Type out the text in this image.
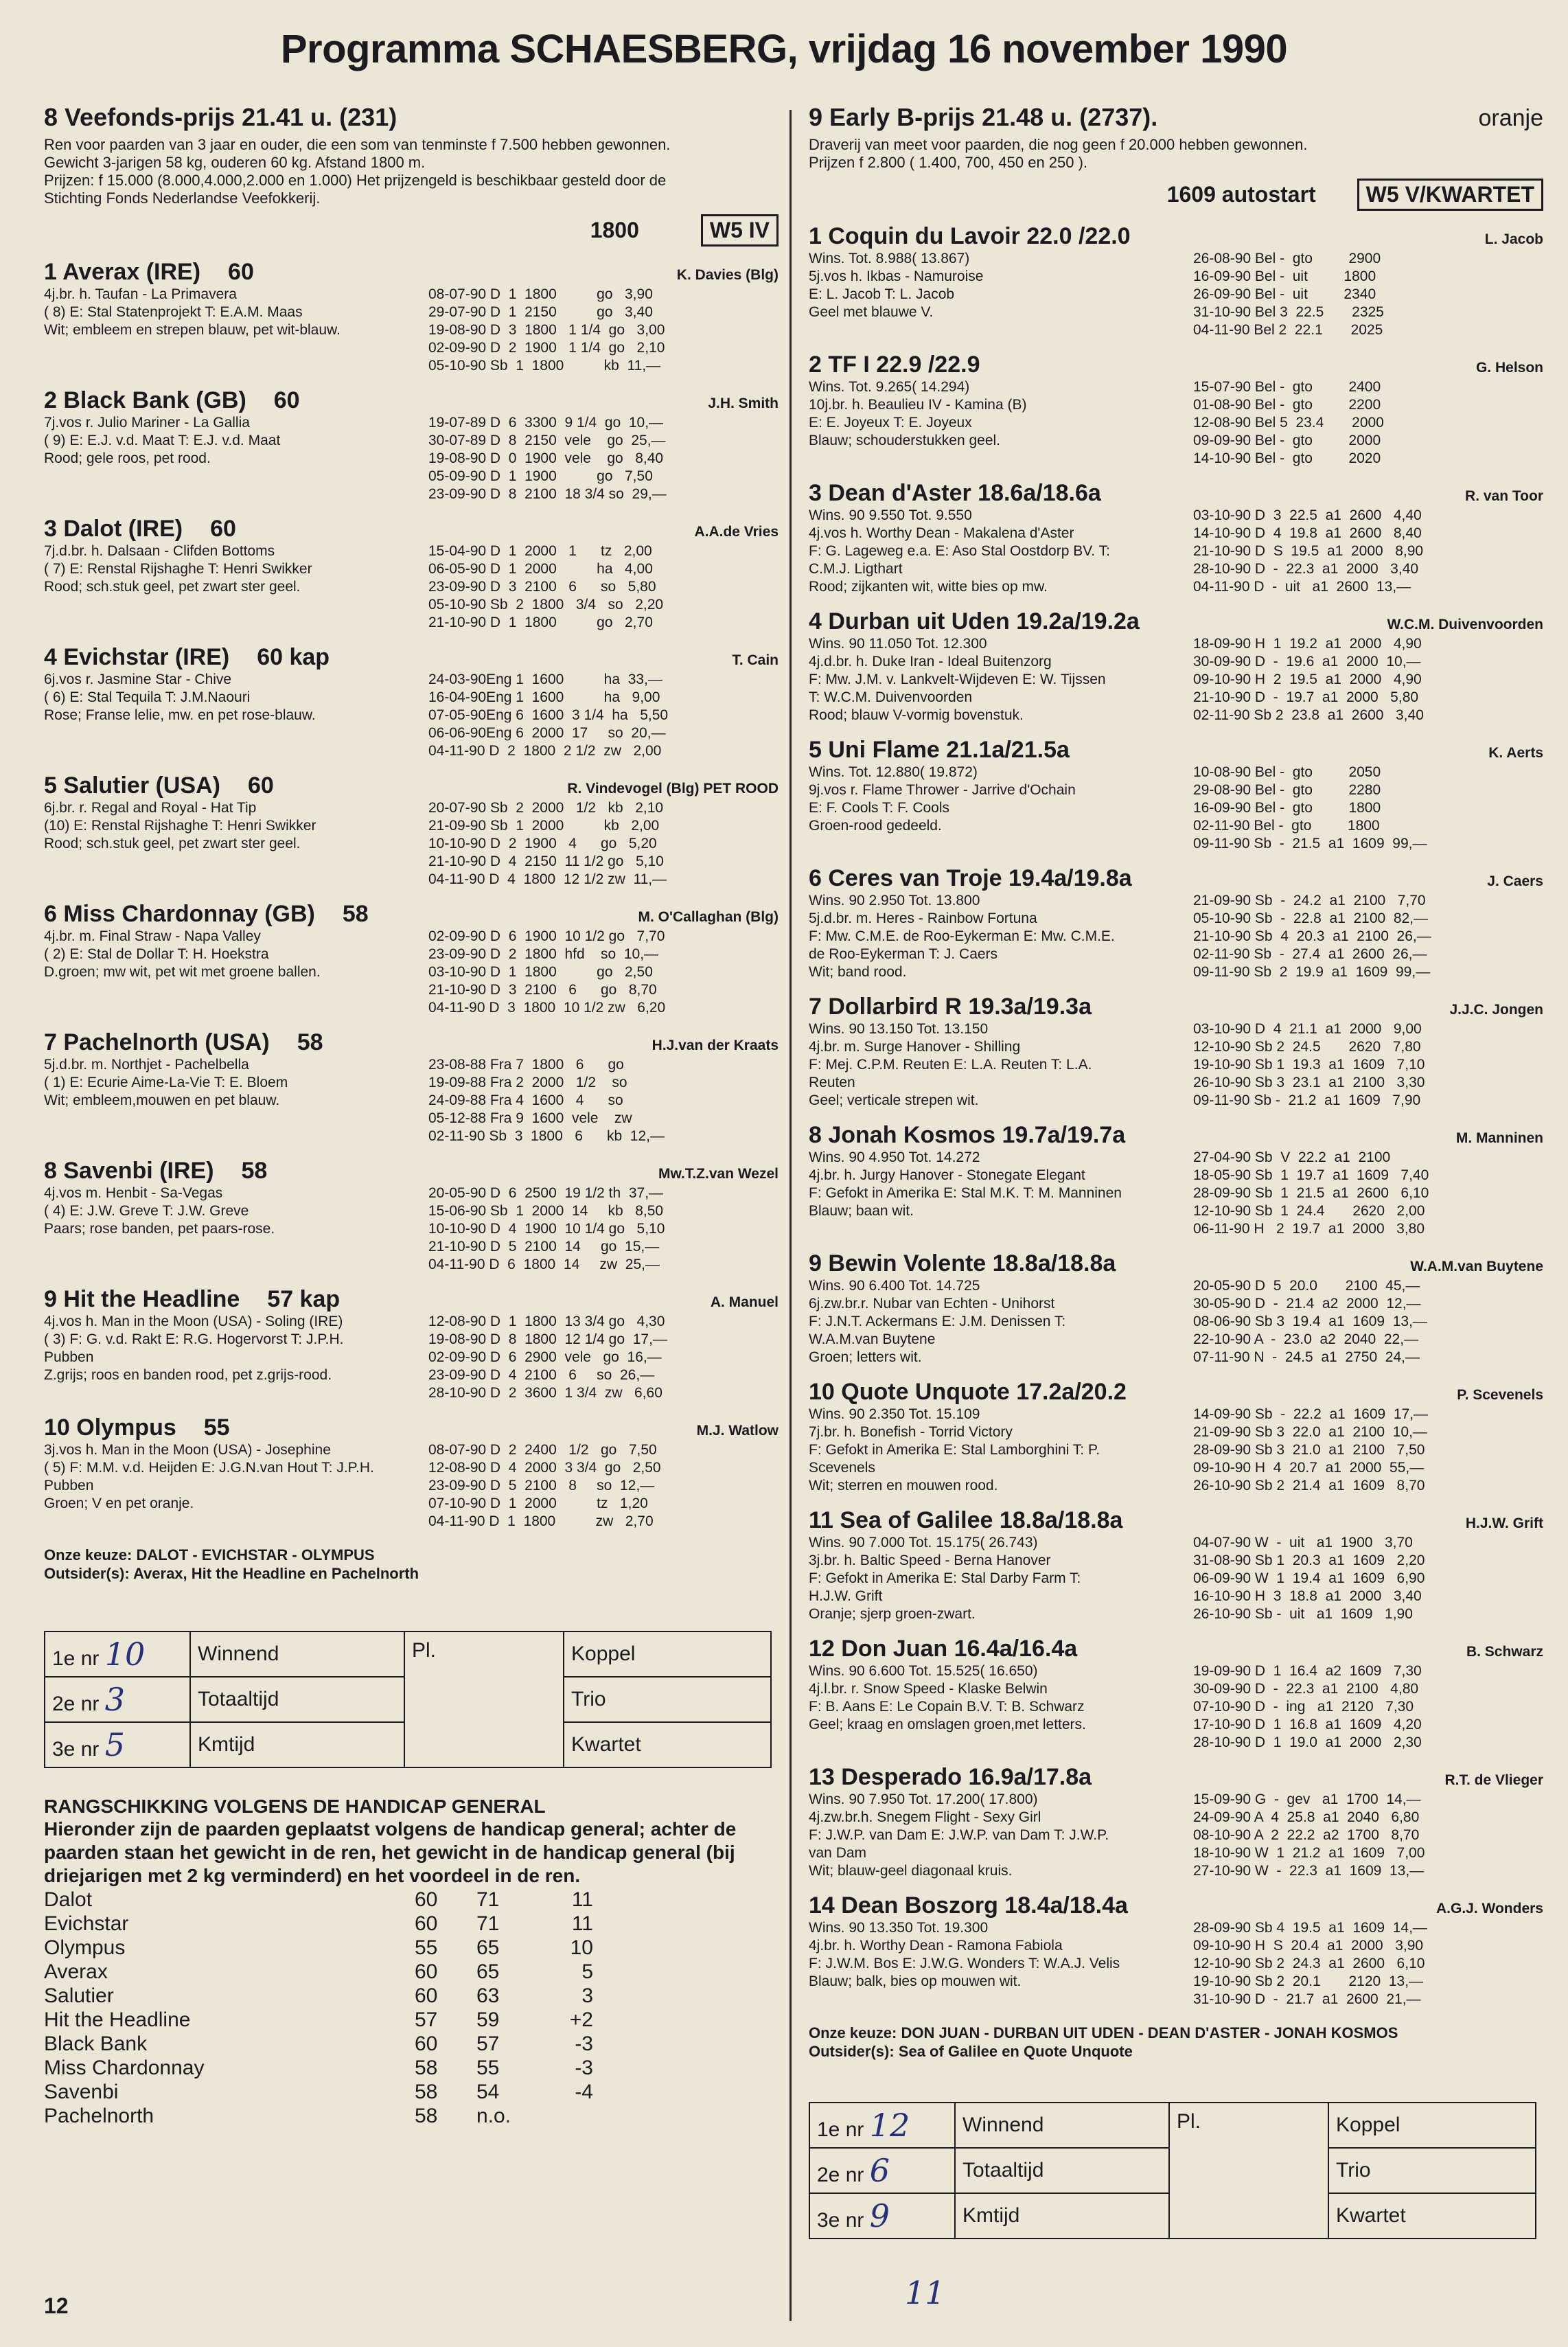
Programma SCHAESBERG, vrijdag 16 november 1990
8 Veefonds-prijs 21.41 u. (231)
Ren voor paarden van 3 jaar en ouder, die een som van tenminste f 7.500 hebben gewonnen.
Gewicht 3-jarigen 58 kg, ouderen 60 kg. Afstand 1800 m.
Prijzen: f 15.000 (8.000,4.000,2.000 en 1.000) Het prijzengeld is beschikbaar gesteld door de
Stichting Fonds Nederlandse Veefokkerij.
1800	W5 IV
1 Averax (IRE) 60	K. Davies (Blg)
4j.br. h. Taufan - La Primavera
( 8) E: Stal Statenprojekt T: E.A.M. Maas
Wit; embleem en strepen blauw, pet wit-blauw.
08-07-90 D  1  1800          go   3,90
29-07-90 D  1  2150          go   3,40
19-08-90 D  3  1800   1 1/4  go   3,00
02-09-90 D  2  1900   1 1/4  go   2,10
05-10-90 Sb  1  1800          kb  11,—
2 Black Bank (GB) 60	J.H. Smith
7j.vos r. Julio Mariner - La Gallia
( 9) E: E.J. v.d. Maat T: E.J. v.d. Maat
Rood; gele roos, pet rood.
19-07-89 D  6  3300  9 1/4  go  10,—
30-07-89 D  8  2150  vele    go  25,—
19-08-90 D  0  1900  vele    go   8,40
05-09-90 D  1  1900          go   7,50
23-09-90 D  8  2100  18 3/4 so  29,—
3 Dalot (IRE) 60	A.A.de Vries
7j.d.br. h. Dalsaan - Clifden Bottoms
( 7) E: Renstal Rijshaghe T: Henri Swikker
Rood; sch.stuk geel, pet zwart ster geel.
15-04-90 D  1  2000   1      tz   2,00
06-05-90 D  1  2000          ha   4,00
23-09-90 D  3  2100   6      so   5,80
05-10-90 Sb  2  1800   3/4   so   2,20
21-10-90 D  1  1800          go   2,70
4 Evichstar (IRE) 60 kap	T. Cain
6j.vos r. Jasmine Star - Chive
( 6) E: Stal Tequila T: J.M.Naouri
Rose; Franse lelie, mw. en pet rose-blauw.
24-03-90Eng 1  1600          ha  33,—
16-04-90Eng 1  1600          ha   9,00
07-05-90Eng 6  1600  3 1/4  ha   5,50
06-06-90Eng 6  2000  17     so  20,—
04-11-90 D  2  1800  2 1/2  zw   2,00
5 Salutier (USA) 60	R. Vindevogel (Blg) PET ROOD
6j.br. r. Regal and Royal - Hat Tip
(10) E: Renstal Rijshaghe T: Henri Swikker
Rood; sch.stuk geel, pet zwart ster geel.
20-07-90 Sb  2  2000   1/2   kb   2,10
21-09-90 Sb  1  2000          kb   2,00
10-10-90 D  2  1900   4      go   5,20
21-10-90 D  4  2150  11 1/2 go   5,10
04-11-90 D  4  1800  12 1/2 zw  11,—
6 Miss Chardonnay (GB) 58	M. O'Callaghan (Blg)
4j.br. m. Final Straw - Napa Valley
( 2) E: Stal de Dollar T: H. Hoekstra
D.groen; mw wit, pet wit met groene ballen.
02-09-90 D  6  1900  10 1/2 go   7,70
23-09-90 D  2  1800  hfd    so  10,—
03-10-90 D  1  1800          go   2,50
21-10-90 D  3  2100   6      go   8,70
04-11-90 D  3  1800  10 1/2 zw   6,20
7 Pachelnorth (USA) 58	H.J.van der Kraats
5j.d.br. m. Northjet - Pachelbella
( 1) E: Ecurie Aime-La-Vie T: E. Bloem
Wit; embleem,mouwen en pet blauw.
23-08-88 Fra 7  1800   6      go
19-09-88 Fra 2  2000   1/2    so
24-09-88 Fra 4  1600   4      so
05-12-88 Fra 9  1600  vele    zw
02-11-90 Sb  3  1800   6      kb  12,—
8 Savenbi (IRE) 58	Mw.T.Z.van Wezel
4j.vos m. Henbit - Sa-Vegas
( 4) E: J.W. Greve T: J.W. Greve
Paars; rose banden, pet paars-rose.
20-05-90 D  6  2500  19 1/2 th  37,—
15-06-90 Sb  1  2000  14     kb   8,50
10-10-90 D  4  1900  10 1/4 go   5,10
21-10-90 D  5  2100  14     go  15,—
04-11-90 D  6  1800  14     zw  25,—
9 Hit the Headline 57 kap	A. Manuel
4j.vos h. Man in the Moon (USA) - Soling (IRE)
( 3) F: G. v.d. Rakt E: R.G. Hogervorst T: J.P.H.
Pubben
Z.grijs; roos en banden rood, pet z.grijs-rood.
12-08-90 D  1  1800  13 3/4 go   4,30
19-08-90 D  8  1800  12 1/4 go  17,—
02-09-90 D  6  2900  vele   go  16,—
23-09-90 D  4  2100   6     so  26,—
28-10-90 D  2  3600  1 3/4  zw   6,60
10 Olympus 55	M.J. Watlow
3j.vos h. Man in the Moon (USA) - Josephine
( 5) F: M.M. v.d. Heijden E: J.G.N.van Hout T: J.P.H.
Pubben
Groen; V en pet oranje.
08-07-90 D  2  2400   1/2   go   7,50
12-08-90 D  4  2000  3 3/4  go   2,50
23-09-90 D  5  2100   8     so  12,—
07-10-90 D  1  2000          tz   1,20
04-11-90 D  1  1800          zw   2,70
Onze keuze: DALOT - EVICHSTAR - OLYMPUS
Outsider(s): Averax, Hit the Headline en Pachelnorth
1e nr 10	Winnend	Pl.	Koppel
2e nr 3	Totaaltijd		Trio
3e nr 5	Kmtijd		Kwartet
RANGSCHIKKING VOLGENS DE HANDICAP GENERAL
Hieronder zijn de paarden geplaatst volgens de handicap general; achter de paarden staan het gewicht in de ren, het gewicht in de handicap general (bij driejarigen met 2 kg verminderd) en het voordeel in de ren.
Dalot	60	71	11
Evichstar	60	71	11
Olympus	55	65	10
Averax	60	65	5
Salutier	60	63	3
Hit the Headline	57	59	+2
Black Bank	60	57	-3
Miss Chardonnay	58	55	-3
Savenbi	58	54	-4
Pachelnorth	58	n.o.
9 Early B-prijs 21.48 u. (2737).	oranje
Draverij van meet voor paarden, die nog geen f 20.000 hebben gewonnen.
Prijzen f 2.800 ( 1.400, 700, 450 en 250 ).
1609 autostart	W5 V/KWARTET
1 Coquin du Lavoir 22.0 /22.0	L. Jacob
Wins. Tot. 8.988( 13.867)
5j.vos h. Ikbas - Namuroise
E: L. Jacob T: L. Jacob
Geel met blauwe V.
26-08-90 Bel -  gto         2900
16-09-90 Bel -  uit         1800
26-09-90 Bel -  uit         2340
31-10-90 Bel 3  22.5       2325
04-11-90 Bel 2  22.1       2025
2 TF I 22.9 /22.9	G. Helson
Wins. Tot. 9.265( 14.294)
10j.br. h. Beaulieu IV - Kamina (B)
E: E. Joyeux T: E. Joyeux
Blauw; schouderstukken geel.
15-07-90 Bel -  gto         2400
01-08-90 Bel -  gto         2200
12-08-90 Bel 5  23.4       2000
09-09-90 Bel -  gto         2000
14-10-90 Bel -  gto         2020
3 Dean d'Aster 18.6a/18.6a	R. van Toor
Wins. 90 9.550 Tot. 9.550
4j.vos h. Worthy Dean - Makalena d'Aster
F: G. Lageweg e.a. E: Aso Stal Oostdorp BV. T:
C.M.J. Ligthart
Rood; zijkanten wit, witte bies op mw.
03-10-90 D  3  22.5  a1  2600   4,40
14-10-90 D  4  19.8  a1  2600   8,40
21-10-90 D  S  19.5  a1  2000   8,90
28-10-90 D  -  22.3  a1  2000   3,40
04-11-90 D  -  uit   a1  2600  13,—
4 Durban uit Uden 19.2a/19.2a	W.C.M. Duivenvoorden
Wins. 90 11.050 Tot. 12.300
4j.d.br. h. Duke Iran - Ideal Buitenzorg
F: Mw. J.M. v. Lankvelt-Wijdeven E: W. Tijssen
T: W.C.M. Duivenvoorden
Rood; blauw V-vormig bovenstuk.
18-09-90 H  1  19.2  a1  2000   4,90
30-09-90 D  -  19.6  a1  2000  10,—
09-10-90 H  2  19.5  a1  2000   4,90
21-10-90 D  -  19.7  a1  2000   5,80
02-11-90 Sb 2  23.8  a1  2600   3,40
5 Uni Flame 21.1a/21.5a	K. Aerts
Wins. Tot. 12.880( 19.872)
9j.vos r. Flame Thrower - Jarrive d'Ochain
E: F. Cools T: F. Cools
Groen-rood gedeeld.
10-08-90 Bel -  gto         2050
29-08-90 Bel -  gto         2280
16-09-90 Bel -  gto         1800
02-11-90 Bel -  gto         1800
09-11-90 Sb  -  21.5  a1  1609  99,—
6 Ceres van Troje 19.4a/19.8a	J. Caers
Wins. 90 2.950 Tot. 13.800
5j.d.br. m. Heres - Rainbow Fortuna
F: Mw. C.M.E. de Roo-Eykerman E: Mw. C.M.E.
de Roo-Eykerman T: J. Caers
Wit; band rood.
21-09-90 Sb  -  24.2  a1  2100   7,70
05-10-90 Sb  -  22.8  a1  2100  82,—
21-10-90 Sb  4  20.3  a1  2100  26,—
02-11-90 Sb  -  27.4  a1  2600  26,—
09-11-90 Sb  2  19.9  a1  1609  99,—
7 Dollarbird R 19.3a/19.3a	J.J.C. Jongen
Wins. 90 13.150 Tot. 13.150
4j.br. m. Surge Hanover - Shilling
F: Mej. C.P.M. Reuten E: L.A. Reuten T: L.A.
Reuten
Geel; verticale strepen wit.
03-10-90 D  4  21.1  a1  2000   9,00
12-10-90 Sb 2  24.5       2620   7,80
19-10-90 Sb 1  19.3  a1  1609   7,10
26-10-90 Sb 3  23.1  a1  2100   3,30
09-11-90 Sb -  21.2  a1  1609   7,90
8 Jonah Kosmos 19.7a/19.7a	M. Manninen
Wins. 90 4.950 Tot. 14.272
4j.br. h. Jurgy Hanover - Stonegate Elegant
F: Gefokt in Amerika E: Stal M.K. T: M. Manninen
Blauw; baan wit.
27-04-90 Sb  V  22.2  a1  2100
18-05-90 Sb  1  19.7  a1  1609   7,40
28-09-90 Sb  1  21.5  a1  2600   6,10
12-10-90 Sb  1  24.4       2620   2,00
06-11-90 H   2  19.7  a1  2000   3,80
9 Bewin Volente 18.8a/18.8a	W.A.M.van Buytene
Wins. 90 6.400 Tot. 14.725
6j.zw.br.r. Nubar van Echten - Unihorst
F: J.N.T. Ackermans E: J.M. Denissen T:
W.A.M.van Buytene
Groen; letters wit.
20-05-90 D  5  20.0       2100  45,—
30-05-90 D  -  21.4  a2  2000  12,—
08-06-90 Sb 3  19.4  a1  1609  13,—
22-10-90 A  -  23.0  a2  2040  22,—
07-11-90 N  -  24.5  a1  2750  24,—
10 Quote Unquote 17.2a/20.2	P. Scevenels
Wins. 90 2.350 Tot. 15.109
7j.br. h. Bonefish - Torrid Victory
F: Gefokt in Amerika E: Stal Lamborghini T: P.
Scevenels
Wit; sterren en mouwen rood.
14-09-90 Sb  -  22.2  a1  1609  17,—
21-09-90 Sb 3  22.0  a1  2100  10,—
28-09-90 Sb 3  21.0  a1  2100   7,50
09-10-90 H  4  20.7  a1  2000  55,—
26-10-90 Sb 2  21.4  a1  1609   8,70
11 Sea of Galilee 18.8a/18.8a	H.J.W. Grift
Wins. 90 7.000 Tot. 15.175( 26.743)
3j.br. h. Baltic Speed - Berna Hanover
F: Gefokt in Amerika E: Stal Darby Farm T:
H.J.W. Grift
Oranje; sjerp groen-zwart.
04-07-90 W  -  uit   a1  1900   3,70
31-08-90 Sb 1  20.3  a1  1609   2,20
06-09-90 W  1  19.4  a1  1609   6,90
16-10-90 H  3  18.8  a1  2000   3,40
26-10-90 Sb -  uit   a1  1609   1,90
12 Don Juan 16.4a/16.4a	B. Schwarz
Wins. 90 6.600 Tot. 15.525( 16.650)
4j.l.br. r. Snow Speed - Klaske Belwin
F: B. Aans E: Le Copain B.V. T: B. Schwarz
Geel; kraag en omslagen groen,met letters.
19-09-90 D  1  16.4  a2  1609   7,30
30-09-90 D  -  22.3  a1  2100   4,80
07-10-90 D  -  ing   a1  2120   7,30
17-10-90 D  1  16.8  a1  1609   4,20
28-10-90 D  1  19.0  a1  2000   2,30
13 Desperado 16.9a/17.8a	R.T. de Vlieger
Wins. 90 7.950 Tot. 17.200( 17.800)
4j.zw.br.h. Snegem Flight - Sexy Girl
F: J.W.P. van Dam E: J.W.P. van Dam T: J.W.P.
van Dam
Wit; blauw-geel diagonaal kruis.
15-09-90 G  -  gev   a1  1700  14,—
24-09-90 A  4  25.8  a1  2040   6,80
08-10-90 A  2  22.2  a2  1700   8,70
18-10-90 W  1  21.2  a1  1609   7,00
27-10-90 W  -  22.3  a1  1609  13,—
14 Dean Boszorg 18.4a/18.4a	A.G.J. Wonders
Wins. 90 13.350 Tot. 19.300
4j.br. h. Worthy Dean - Ramona Fabiola
F: J.W.M. Bos E: J.W.G. Wonders T: W.A.J. Velis
Blauw; balk, bies op mouwen wit.
28-09-90 Sb 4  19.5  a1  1609  14,—
09-10-90 H  S  20.4  a1  2000   3,90
12-10-90 Sb 2  24.3  a1  2600   6,10
19-10-90 Sb 2  20.1       2120  13,—
31-10-90 D  -  21.7  a1  2600  21,—
Onze keuze: DON JUAN - DURBAN UIT UDEN - DEAN D'ASTER - JONAH KOSMOS
Outsider(s): Sea of Galilee en Quote Unquote
1e nr 12	Winnend	Pl.	Koppel
2e nr 6	Totaaltijd		Trio
3e nr 9	Kmtijd		Kwartet
11
12
